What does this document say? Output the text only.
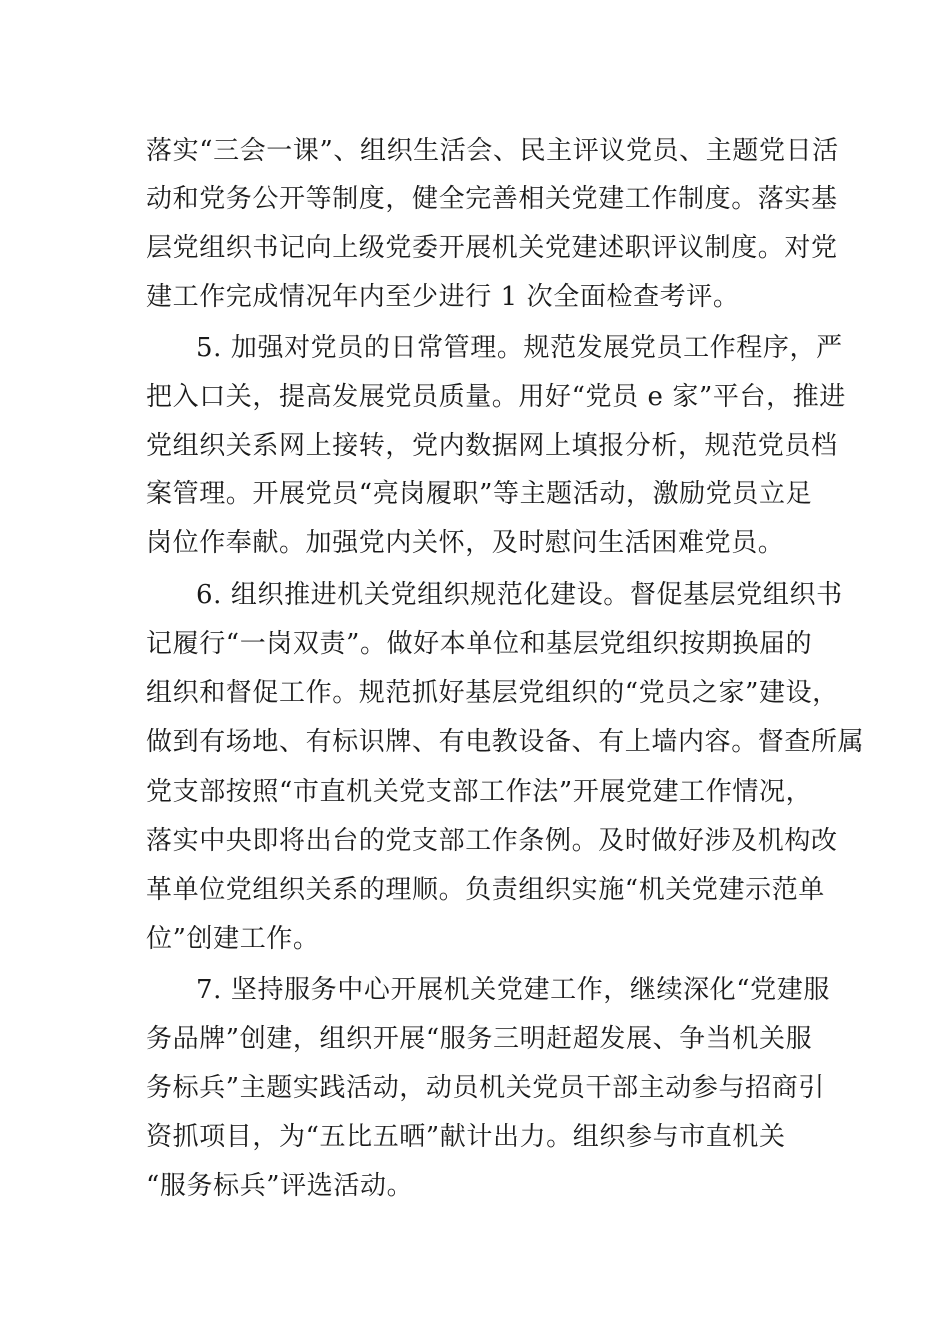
落实“三会一课”、组织生活会、民主评议党员、主题党日活

动和党务公开等制度，健全完善相关党建工作制度。落实基

层党组织书记向上级党委开展机关党建述职评议制度。对党

建工作完成情况年内至少进行 1 次全面检查考评。

5. 加强对党员的日常管理。规范发展党员工作程序，严

把入口关，提高发展党员质量。用好“党员 e 家”平台，推进

党组织关系网上接转，党内数据网上填报分析，规范党员档

案管理。开展党员“亮岗履职”等主题活动，激励党员立足

岗位作奉献。加强党内关怀，及时慰问生活困难党员。

6. 组织推进机关党组织规范化建设。督促基层党组织书

记履行“一岗双责”。做好本单位和基层党组织按期换届的

组织和督促工作。规范抓好基层党组织的“党员之家”建设，

做到有场地、有标识牌、有电教设备、有上墙内容。督查所属

党支部按照“市直机关党支部工作法”开展党建工作情况，

落实中央即将出台的党支部工作条例。及时做好涉及机构改

革单位党组织关系的理顺。负责组织实施“机关党建示范单

位”创建工作。

7. 坚持服务中心开展机关党建工作，继续深化“党建服

务品牌”创建，组织开展“服务三明赶超发展、争当机关服

务标兵”主题实践活动，动员机关党员干部主动参与招商引

资抓项目，为“五比五晒”献计出力。组织参与市直机关

“服务标兵”评选活动。
